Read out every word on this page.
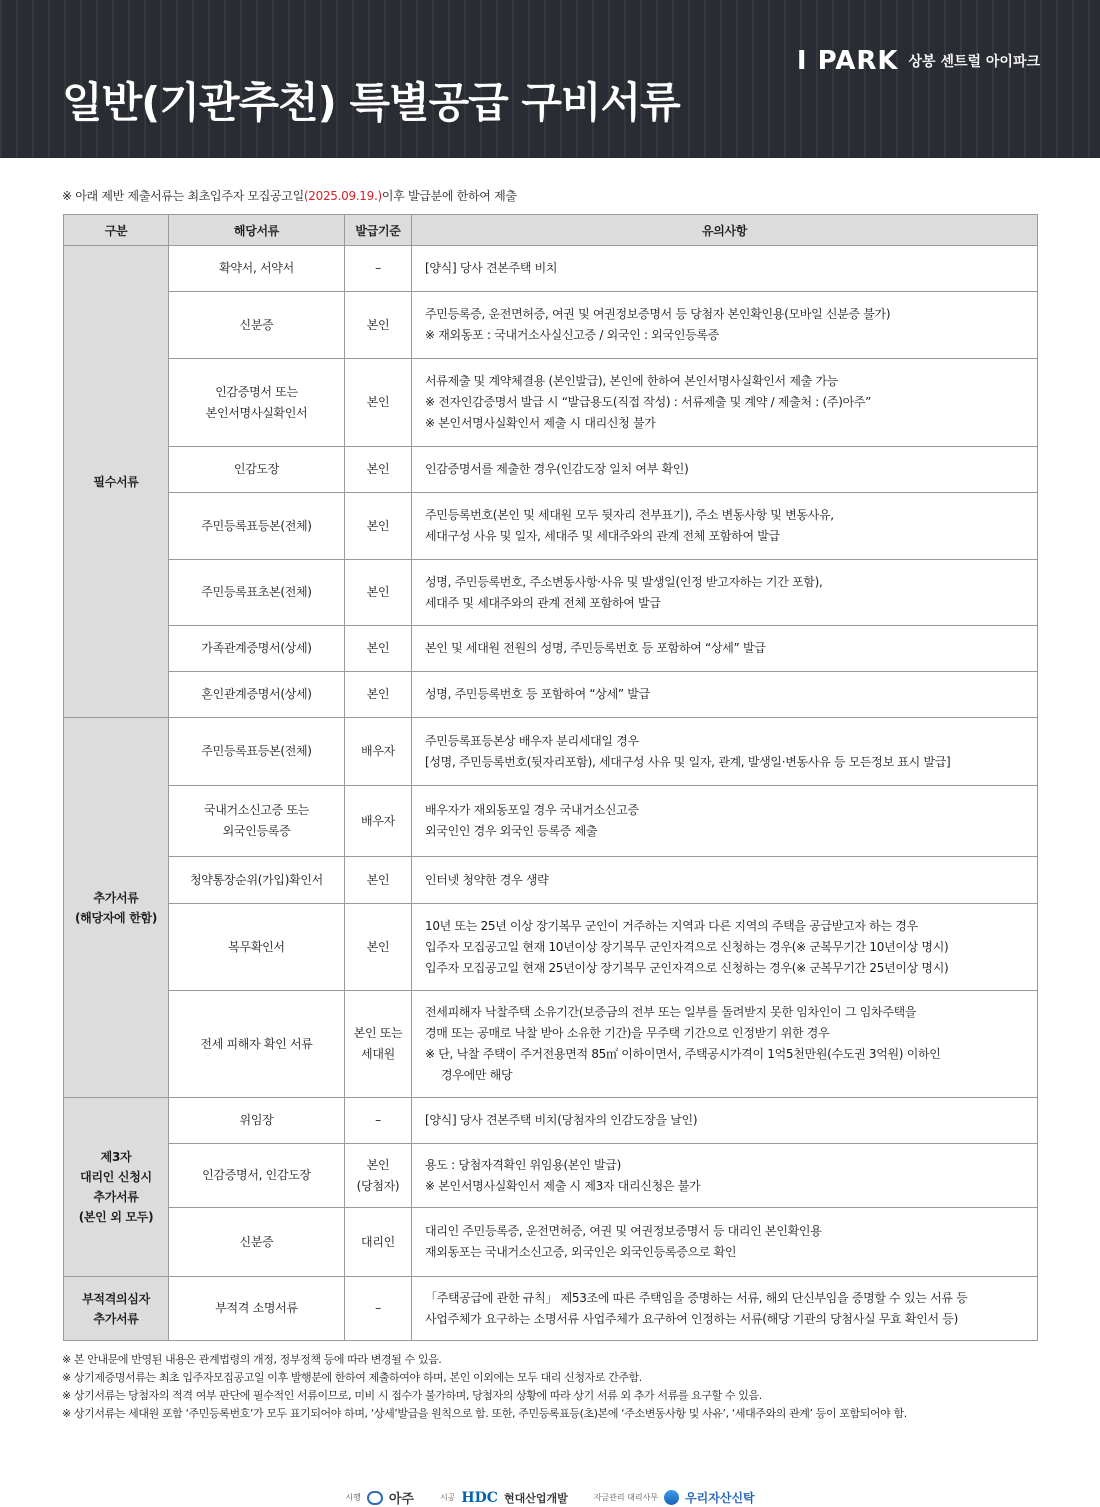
일반(기관추천) 특별공급 구비서류
I PARK 상봉 센트럴 아이파크
※ 아래 제반 제출서류는 최초입주자 모집공고일(2025.09.19.)이후 발급분에 한하여 제출
구분	해당서류	발급기준	유의사항

필수서류	확약서, 서약서	–	[양식] 당사 견본주택 비치

	신분증	본인	주민등록증, 운전면허증, 여권 및 여권정보증명서 등 당첨자 본인확인용(모바일 신분증 불가)
※ 재외동포 : 국내거소사실신고증 / 외국인 : 외국인등록증

	인감증명서 또는
본인서명사실확인서	본인	서류제출 및 계약체결용 (본인발급), 본인에 한하여 본인서명사실확인서 제출 가능
※ 전자인감증명서 발급 시 “발급용도(직접 작성) : 서류제출 및 계약 / 제출처 : (주)아주”
※ 본인서명사실확인서 제출 시 대리신청 불가

	인감도장	본인	인감증명서를 제출한 경우(인감도장 일치 여부 확인)

	주민등록표등본(전체)	본인	주민등록번호(본인 및 세대원 모두 뒷자리 전부표기), 주소 변동사항 및 변동사유,
세대구성 사유 및 일자, 세대주 및 세대주와의 관계 전체 포함하여 발급

	주민등록표초본(전체)	본인	성명, 주민등록번호, 주소변동사항·사유 및 발생일(인정 받고자하는 기간 포함),
세대주 및 세대주와의 관계 전체 포함하여 발급

	가족관계증명서(상세)	본인	본인 및 세대원 전원의 성명, 주민등록번호 등 포함하여 “상세” 발급

	혼인관계증명서(상세)	본인	성명, 주민등록번호 등 포함하여 “상세” 발급

추가서류
(해당자에 한함)	주민등록표등본(전체)	배우자	주민등록표등본상 배우자 분리세대일 경우
[성명, 주민등록번호(뒷자리포함), 세대구성 사유 및 일자, 관계, 발생일·변동사유 등 모든정보 표시 발급]

	국내거소신고증 또는
외국인등록증	배우자	배우자가 재외동포일 경우 국내거소신고증
외국인인 경우 외국인 등록증 제출

	청약통장순위(가입)확인서	본인	인터넷 청약한 경우 생략

	복무확인서	본인	10년 또는 25년 이상 장기복무 군인이 거주하는 지역과 다른 지역의 주택을 공급받고자 하는 경우
입주자 모집공고일 현재 10년이상 장기복무 군인자격으로 신청하는 경우(※ 군복무기간 10년이상 명시)
입주자 모집공고일 현재 25년이상 장기복무 군인자격으로 신청하는 경우(※ 군복무기간 25년이상 명시)

	전세 피해자 확인 서류	본인 또는
세대원	전세피해자 낙찰주택 소유기간(보증금의 전부 또는 일부를 돌려받지 못한 임차인이 그 임차주택을
경매 또는 공매로 낙찰 받아 소유한 기간)을 무주택 기간으로 인정받기 위한 경우
※ 단, 낙찰 주택이 주거전용면적 85㎡ 이하이면서, 주택공시가격이 1억5천만원(수도권 3억원) 이하인
경우에만 해당

제3자
대리인 신청시
추가서류
(본인 외 모두)	위임장	–	[양식] 당사 견본주택 비치(당첨자의 인감도장을 날인)

	인감증명서, 인감도장	본인
(당첨자)	용도 : 당첨자격확인 위임용(본인 발급)
※ 본인서명사실확인서 제출 시 제3자 대리신청은 불가

	신분증	대리인	대리인 주민등록증, 운전면허증, 여권 및 여권정보증명서 등 대리인 본인확인용
재외동포는 국내거소신고증, 외국인은 외국인등록증으로 확인

부적격의심자
추가서류	부적격 소명서류	–	「주택공급에 관한 규칙」 제53조에 따른 주택임을 증명하는 서류, 해외 단신부임을 증명할 수 있는 서류 등
사업주체가 요구하는 소명서류 사업주체가 요구하여 인정하는 서류(해당 기관의 당첨사실 무효 확인서 등)
※ 본 안내문에 반영된 내용은 관계법령의 개정, 정부정책 등에 따라 변경될 수 있음.
※ 상기제증명서류는 최초 입주자모집공고일 이후 발행분에 한하여 제출하여야 하며, 본인 이외에는 모두 대리 신청자로 간주함.
※ 상기서류는 당첨자의 적격 여부 판단에 필수적인 서류이므로, 미비 시 접수가 불가하며, 당첨자의 상황에 따라 상기 서류 외 추가 서류를 요구할 수 있음.
※ 상기서류는 세대원 포함 ‘주민등록번호’가 모두 표기되어야 하며, ‘상세’발급을 원칙으로 함. 또한, 주민등록표등(초)본에 ‘주소변동사항 및 사유’, ‘세대주와의 관계’ 등이 포함되어야 함.
시행 아주	시공 HDC 현대산업개발	자금관리 대리사무 우리자산신탁
